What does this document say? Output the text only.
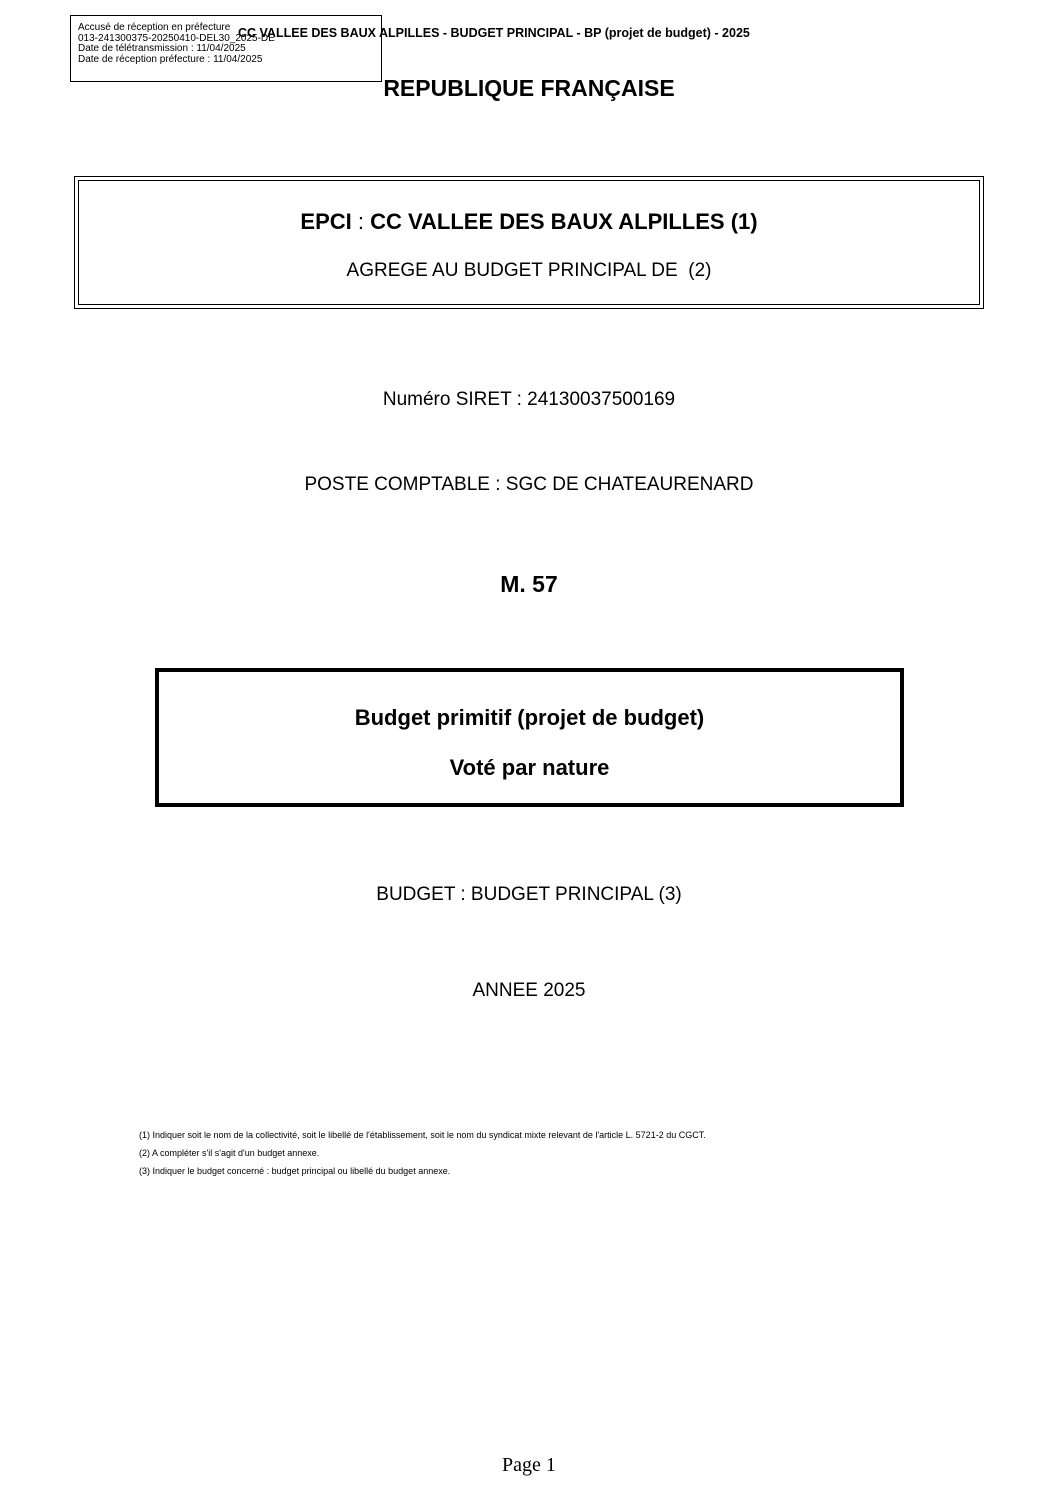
Accusé de réception en préfecture
013-241300375-20250410-DEL30_2025-DE
Date de télétransmission : 11/04/2025
Date de réception préfecture : 11/04/2025
CC VALLEE DES BAUX ALPILLES - BUDGET PRINCIPAL - BP (projet de budget) - 2025
REPUBLIQUE FRANÇAISE
EPCI : CC VALLEE DES BAUX ALPILLES (1)
AGREGE AU BUDGET PRINCIPAL DE  (2)
Numéro SIRET : 24130037500169
POSTE COMPTABLE : SGC DE CHATEAURENARD
M. 57
Budget primitif (projet de budget)
Voté par nature
BUDGET : BUDGET PRINCIPAL (3)
ANNEE 2025
(1) Indiquer soit le nom de la collectivité, soit le libellé de l'établissement, soit le nom du syndicat mixte relevant de l'article L. 5721-2 du CGCT.
(2) A compléter s'il s'agit d'un budget annexe.
(3) Indiquer le budget concerné : budget principal ou libellé du budget annexe.
Page 1
